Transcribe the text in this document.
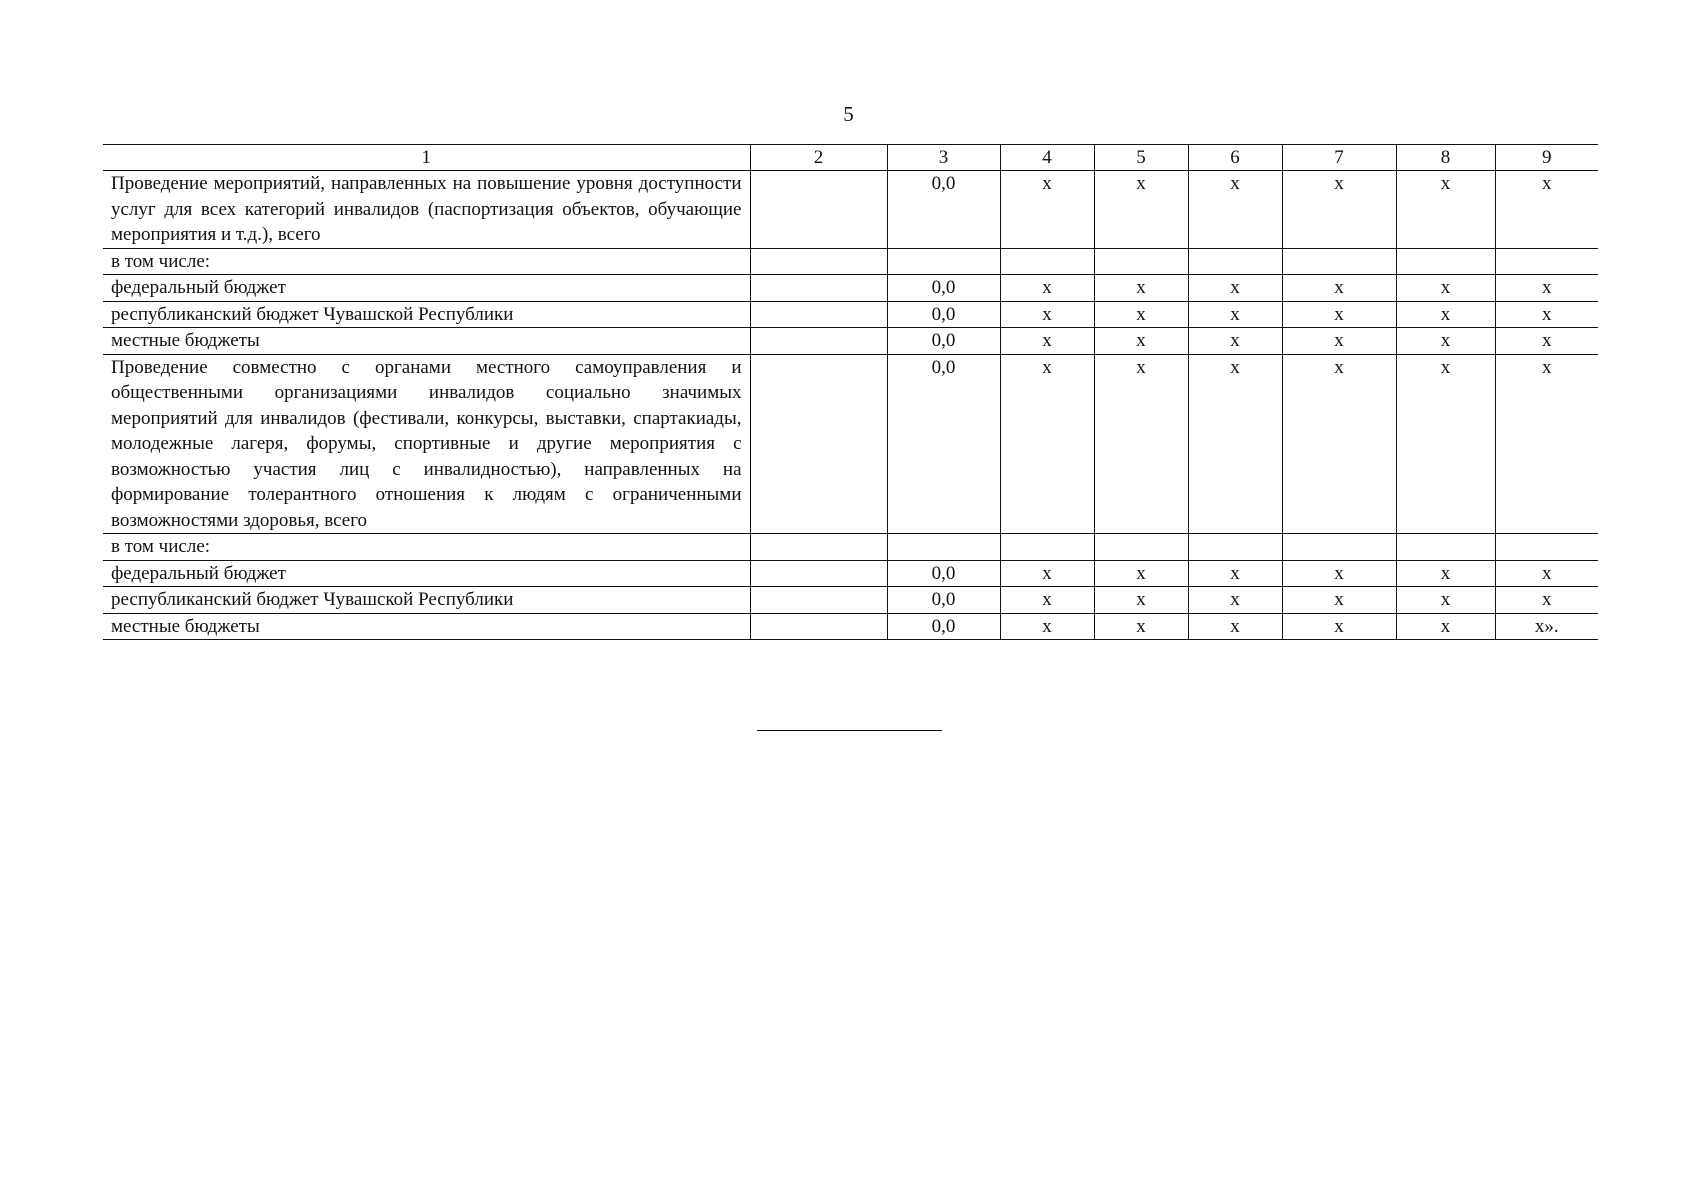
5
1	2	3	4	5	6	7	8	9
Проведение мероприятий, направленных на повышение уровня доступности услуг для всех категорий инвалидов (паспортизация объектов, обучающие мероприятия и т.д.), всего		0,0	х	х	х	х	х	х
в том числе:								
федеральный бюджет		0,0	х	х	х	х	х	х
республиканский бюджет Чувашской Республики		0,0	х	х	х	х	х	х
местные бюджеты		0,0	х	х	х	х	х	х
Проведение совместно с органами местного самоуправления и общественными организациями инвалидов социально значимых мероприятий для инвалидов (фестивали, конкурсы, выставки, спартакиады, молодежные лагеря, форумы, спортивные и другие мероприятия с возможностью участия лиц с инвалидностью), направленных на формирование толерантного отношения к людям с ограниченными возможностями здоровья, всего		0,0	х	х	х	х	х	х
в том числе:								
федеральный бюджет		0,0	х	х	х	х	х	х
республиканский бюджет Чувашской Республики		0,0	х	х	х	х	х	х
местные бюджеты		0,0	х	х	х	х	х	х».
